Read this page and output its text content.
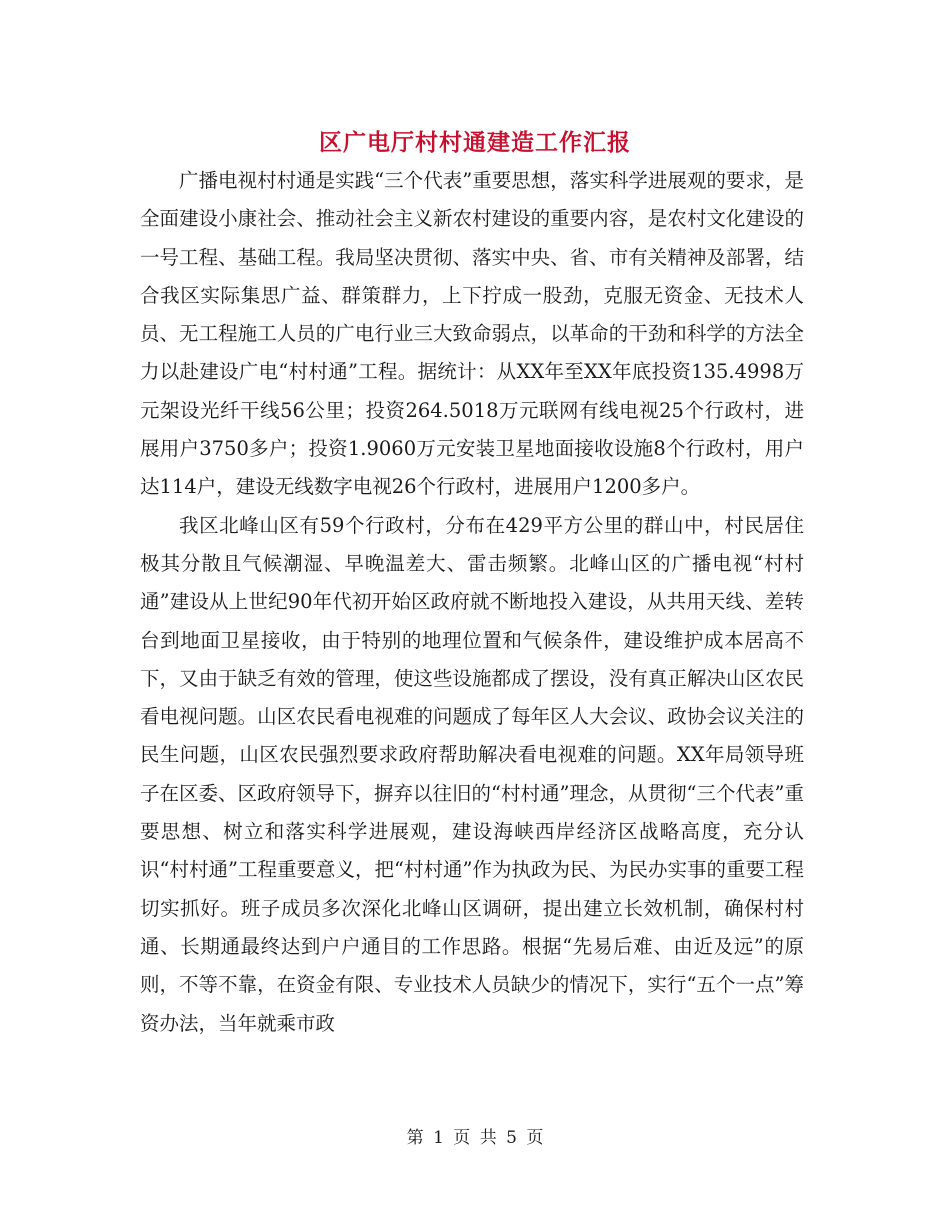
区广电厅村村通建造工作汇报

广播电视村村通是实践“三个代表”重要思想，落实科学进展观的要求，是全面建设小康社会、推动社会主义新农村建设的重要内容，是农村文化建设的一号工程、基础工程。我局坚决贯彻、落实中央、省、市有关精神及部署，结合我区实际集思广益、群策群力，上下拧成一股劲，克服无资金、无技术人员、无工程施工人员的广电行业三大致命弱点，以革命的干劲和科学的方法全力以赴建设广电“村村通”工程。据统计：从XX年至XX年底投资135.4998万元架设光纤干线56公里；投资264.5018万元联网有线电视25个行政村，进展用户3750多户；投资1.9060万元安装卫星地面接收设施8个行政村，用户达114户，建设无线数字电视26个行政村，进展用户1200多户。

我区北峰山区有59个行政村，分布在429平方公里的群山中，村民居住极其分散且气候潮湿、早晚温差大、雷击频繁。北峰山区的广播电视“村村通”建设从上世纪90年代初开始区政府就不断地投入建设，从共用天线、差转台到地面卫星接收，由于特别的地理位置和气候条件，建设维护成本居高不下，又由于缺乏有效的管理，使这些设施都成了摆设，没有真正解决山区农民看电视问题。山区农民看电视难的问题成了每年区人大会议、政协会议关注的民生问题，山区农民强烈要求政府帮助解决看电视难的问题。XX年局领导班子在区委、区政府领导下，摒弃以往旧的“村村通”理念，从贯彻“三个代表”重要思想、树立和落实科学进展观，建设海峡西岸经济区战略高度，充分认识“村村通”工程重要意义，把“村村通”作为执政为民、为民办实事的重要工程切实抓好。班子成员多次深化北峰山区调研，提出建立长效机制，确保村村通、长期通最终达到户户通目的工作思路。根据“先易后难、由近及远”的原则，不等不靠，在资金有限、专业技术人员缺少的情况下，实行“五个一点”筹资办法，当年就乘市政

第 1 页 共 5 页
